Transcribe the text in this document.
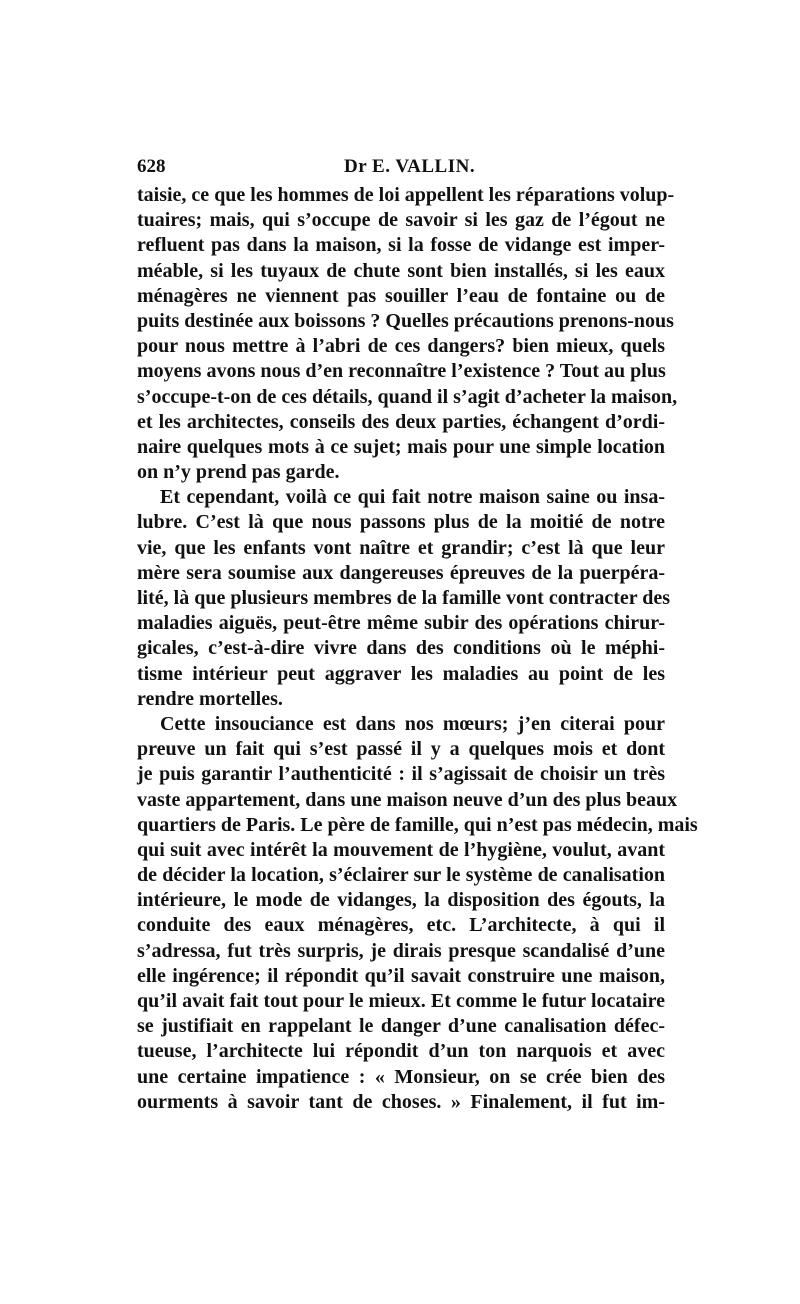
628	Dr E. VALLIN.
taisie, ce que les hommes de loi appellent les réparations volup-
tuaires; mais, qui s’occupe de savoir si les gaz de l’égout ne
refluent pas dans la maison, si la fosse de vidange est imper-
méable, si les tuyaux de chute sont bien installés, si les eaux
ménagères ne viennent pas souiller l’eau de fontaine ou de
puits destinée aux boissons ? Quelles précautions prenons-nous
pour nous mettre à l’abri de ces dangers? bien mieux, quels
moyens avons nous d’en reconnaître l’existence ? Tout au plus
s’occupe-t-on de ces détails, quand il s’agit d’acheter la maison,
et les architectes, conseils des deux parties, échangent d’ordi-
naire quelques mots à ce sujet; mais pour une simple location
on n’y prend pas garde.
Et cependant, voilà ce qui fait notre maison saine ou insa-
lubre. C’est là que nous passons plus de la moitié de notre
vie, que les enfants vont naître et grandir; c’est là que leur
mère sera soumise aux dangereuses épreuves de la puerpéra-
lité, là que plusieurs membres de la famille vont contracter des
maladies aiguës, peut-être même subir des opérations chirur-
gicales, c’est-à-dire vivre dans des conditions où le méphi-
tisme intérieur peut aggraver les maladies au point de les
rendre mortelles.
Cette insouciance est dans nos mœurs; j’en citerai pour
preuve un fait qui s’est passé il y a quelques mois et dont
je puis garantir l’authenticité : il s’agissait de choisir un très
vaste appartement, dans une maison neuve d’un des plus beaux
quartiers de Paris. Le père de famille, qui n’est pas médecin, mais
qui suit avec intérêt la mouvement de l’hygiène, voulut, avant
de décider la location, s’éclairer sur le système de canalisation
intérieure, le mode de vidanges, la disposition des égouts, la
conduite des eaux ménagères, etc. L’architecte, à qui il
s’adressa, fut très surpris, je dirais presque scandalisé d’une
elle ingérence; il répondit qu’il savait construire une maison,
qu’il avait fait tout pour le mieux. Et comme le futur locataire
se justifiait en rappelant le danger d’une canalisation défec-
tueuse, l’architecte lui répondit d’un ton narquois et avec
une certaine impatience : « Monsieur, on se crée bien des
ourments à savoir tant de choses. » Finalement, il fut im-
